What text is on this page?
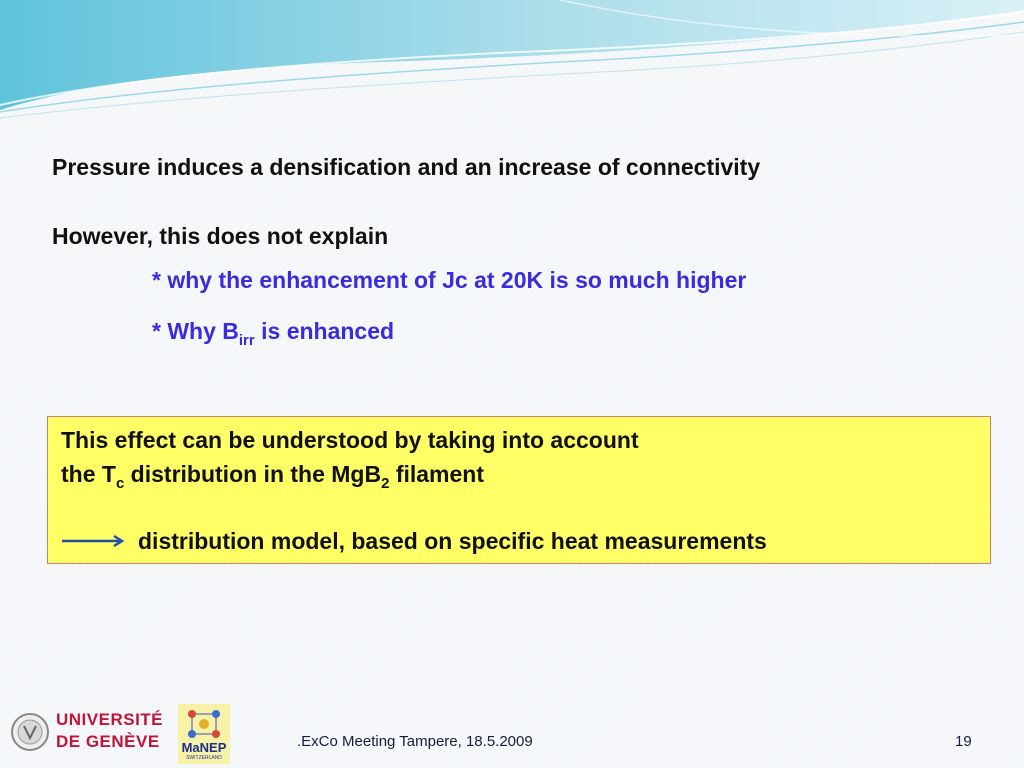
Pressure induces a densification and an increase of connectivity
However, this does not explain
* why the enhancement of Jc at 20K is so much higher
* Why $B_{irr}$ is enhanced
This effect can be understood by taking into account
the $T_c$ distribution in the MgB$_2$ filament
distribution model, based on specific heat measurements
UNIVERSITÉ
DE GENÈVE MaNEP
SWITZERLAND
.ExCo Meeting Tampere, 18.5.2009	19
